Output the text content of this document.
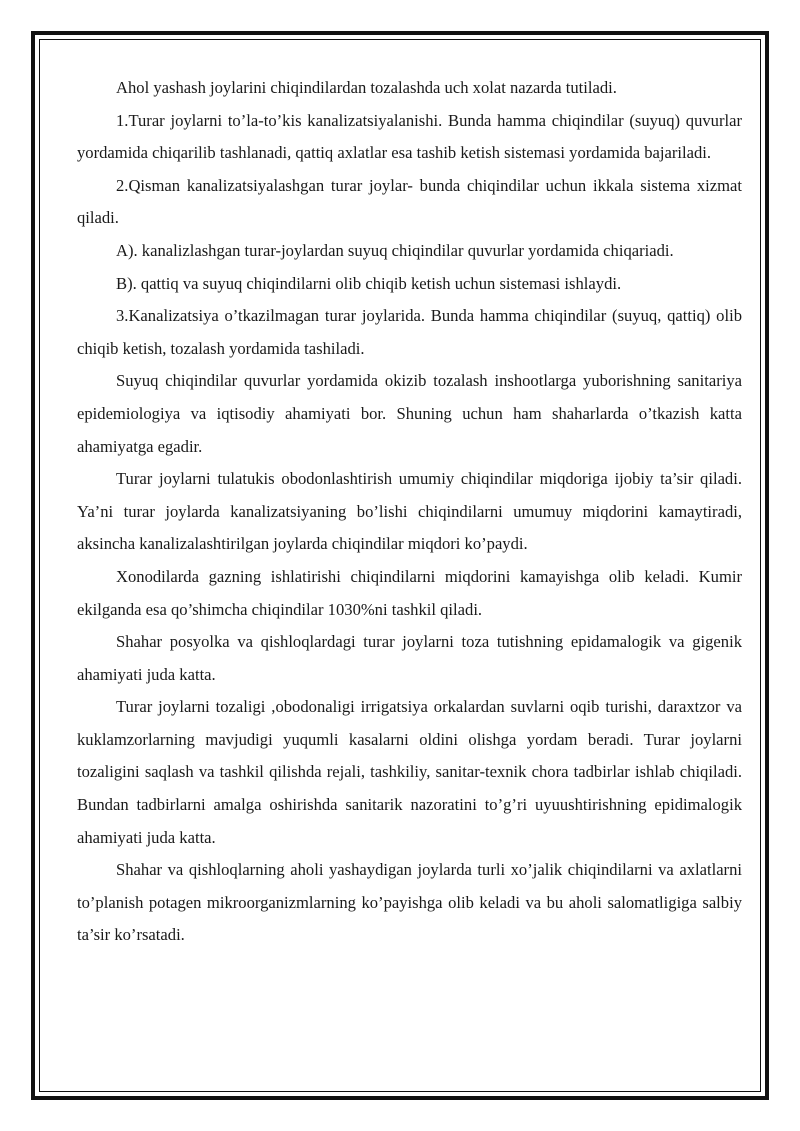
Ahol yashash joylarini chiqindilardan tozalashda uch xolat nazarda tutiladi.

1.Turar joylarni to’la-to’kis kanalizatsiyalanishi. Bunda hamma chiqindilar (suyuq) quvurlar yordamida chiqarilib tashlanadi, qattiq axlatlar esa tashib ketish sistemasi yordamida bajariladi.

2.Qisman kanalizatsiyalashgan turar joylar- bunda chiqindilar uchun ikkala sistema xizmat qiladi.

A). kanalizlashgan turar-joylardan suyuq chiqindilar quvurlar yordamida chiqariadi.

B). qattiq va suyuq chiqindilarni olib chiqib ketish uchun sistemasi ishlaydi.

3.Kanalizatsiya o’tkazilmagan turar joylarida. Bunda hamma chiqindilar (suyuq, qattiq) olib chiqib ketish, tozalash yordamida tashiladi.

Suyuq chiqindilar quvurlar yordamida okizib tozalash inshootlarga yuborishning sanitariya epidemiologiya va iqtisodiy ahamiyati bor. Shuning uchun ham shaharlarda o’tkazish katta ahamiyatga egadir.

Turar joylarni tulatukis obodonlashtirish umumiy chiqindilar miqdoriga ijobiy ta’sir qiladi. Ya’ni turar joylarda kanalizatsiyaning bo’lishi chiqindilarni umumuy miqdorini kamaytiradi, aksincha kanalizalashtirilgan joylarda chiqindilar miqdori ko’paydi.

Xonodilarda gazning ishlatirishi chiqindilarni miqdorini kamayishga olib keladi. Kumir ekilganda esa qo’shimcha chiqindilar 1030%ni tashkil qiladi.

Shahar posyolka va qishloqlardagi turar joylarni toza tutishning epidamalogik va gigenik ahamiyati juda katta.

Turar joylarni tozaligi ,obodonaligi irrigatsiya orkalardan suvlarni oqib turishi, daraxtzor va kuklamzorlarning mavjudigi yuqumli kasalarni oldini olishga yordam beradi. Turar joylarni tozaligini saqlash va tashkil qilishda rejali, tashkiliy, sanitar-texnik chora tadbirlar ishlab chiqiladi. Bundan tadbirlarni amalga oshirishda sanitarik nazoratini to’g’ri uyuushtirishning epidimalogik ahamiyati juda katta.

Shahar va qishloqlarning aholi yashaydigan joylarda turli xo’jalik chiqindilarni va axlatlarni to’planish potagen mikroorganizmlarning ko’payishga olib keladi va bu aholi salomatligiga salbiy ta’sir ko’rsatadi.
